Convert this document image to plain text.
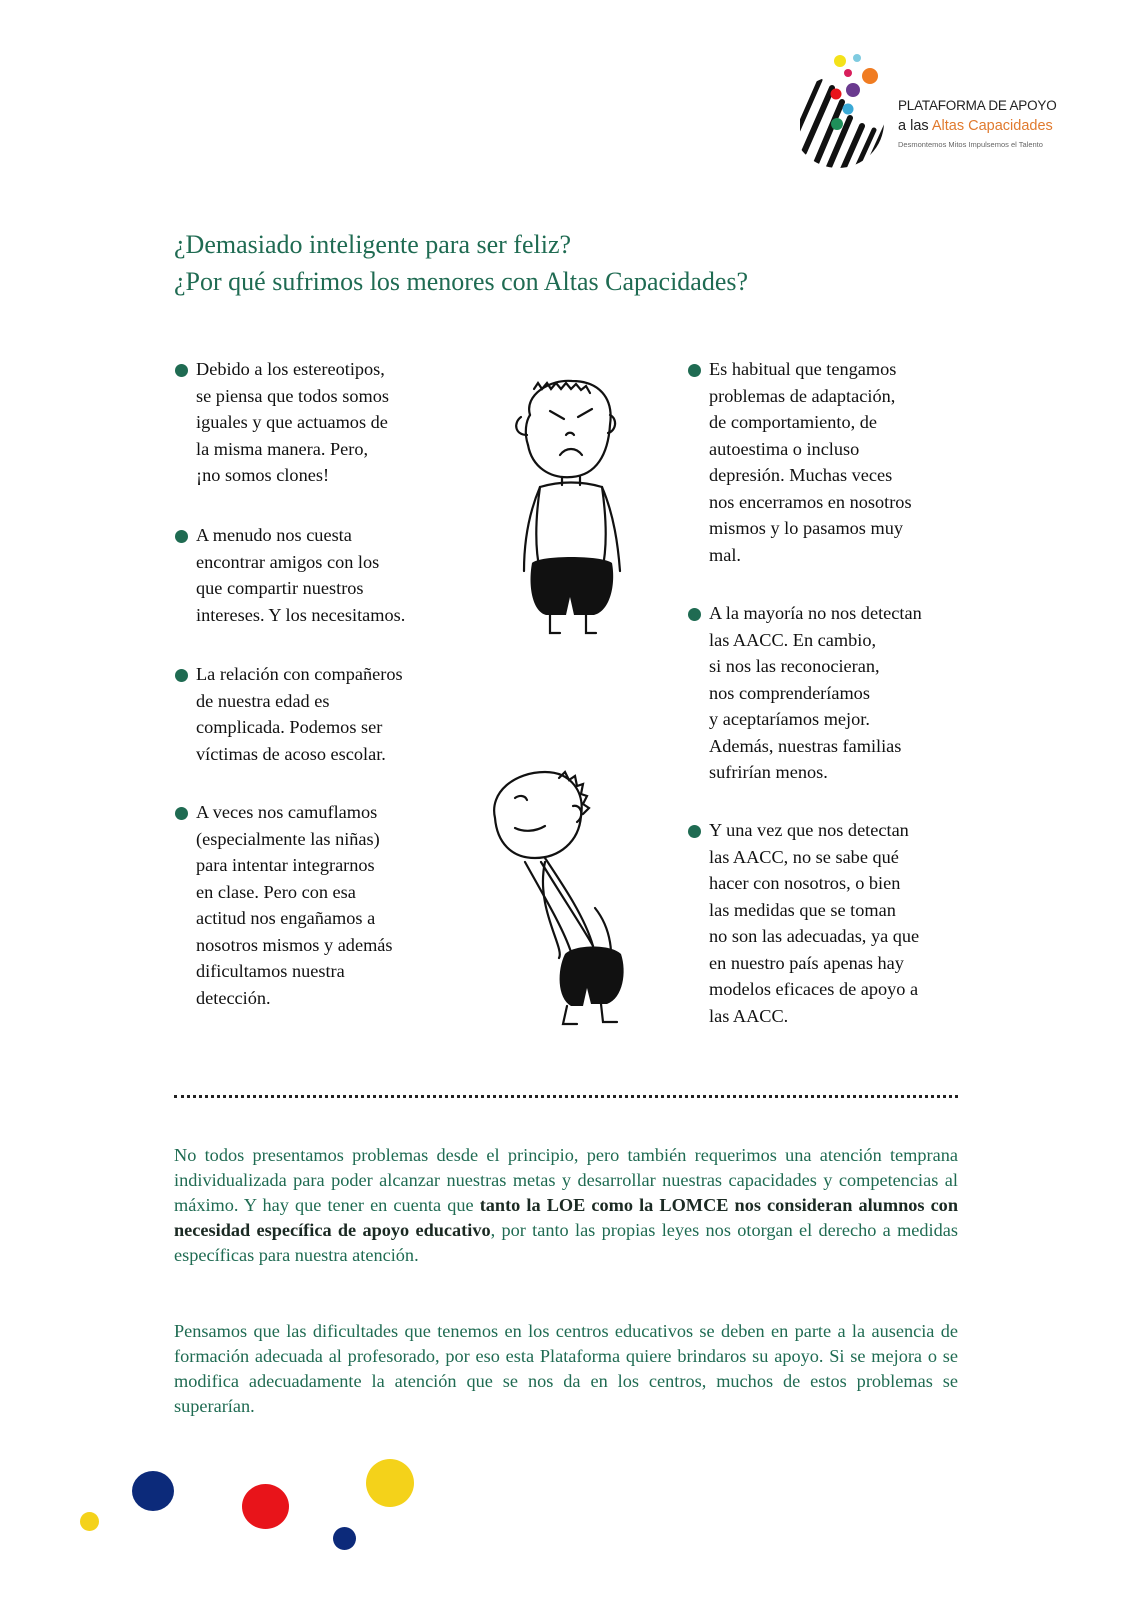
PLATAFORMA DE APOYO
a las Altas Capacidades
Desmontemos Mitos Impulsemos el Talento
¿Demasiado inteligente para ser feliz?
¿Por qué sufrimos los menores con Altas Capacidades?
Debido a los estereotipos,
se piensa que todos somos
iguales y que actuamos de
la misma manera. Pero,
¡no somos clones!
A menudo nos cuesta
encontrar amigos con los
que compartir nuestros
intereses. Y los necesitamos.
La relación con compañeros
de nuestra edad es
complicada. Podemos ser
víctimas de acoso escolar.
A veces nos camuflamos
(especialmente las niñas)
para intentar integrarnos
en clase. Pero con esa
actitud nos engañamos a
nosotros mismos y además
dificultamos nuestra
detección.
Es habitual que tengamos
problemas de adaptación,
de comportamiento, de
autoestima o incluso
depresión. Muchas veces
nos encerramos en nosotros
mismos y lo pasamos muy
mal.
A la mayoría no nos detectan
las AACC. En cambio,
si nos las reconocieran,
nos comprenderíamos
y aceptaríamos mejor.
Además, nuestras familias
sufrirían menos.
Y una vez que nos detectan
las AACC, no se sabe qué
hacer con nosotros, o bien
las medidas que se toman
no son las adecuadas, ya que
en nuestro país apenas hay
modelos eficaces de apoyo a
las AACC.

No todos presentamos problemas desde el principio, pero también requerimos una atención temprana individualizada para poder alcanzar nuestras metas y desarrollar nuestras capacidades y competencias al máximo. Y hay que tener en cuenta que tanto la LOE como la LOMCE nos consideran alumnos con necesidad específica de apoyo educativo, por tanto las propias leyes nos otorgan el derecho a medidas específicas para nuestra atención.

Pensamos que las dificultades que tenemos en los centros educativos se deben en parte a la ausencia de formación adecuada al profesorado, por eso esta Plataforma quiere brindaros su apoyo. Si se mejora o se modifica adecuadamente la atención que se nos da en los centros, muchos de estos problemas se superarían.
